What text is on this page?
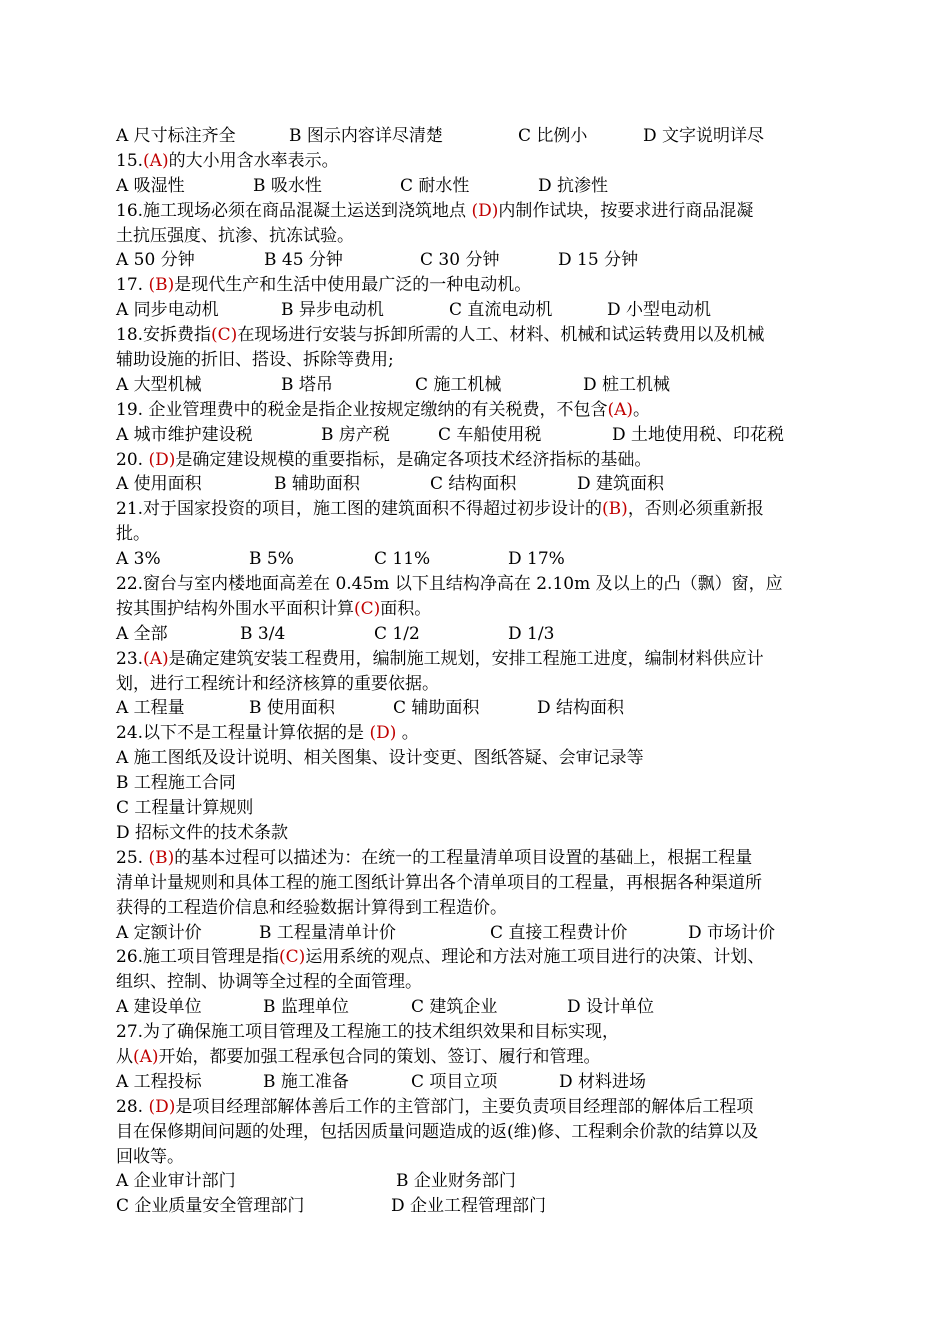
A 尺寸标注齐全	B 图示内容详尽清楚	C 比例小	D 文字说明详尽
15.(A)的大小用含水率表示。
A 吸湿性	B 吸水性	C 耐水性	D 抗渗性
16.施工现场必须在商品混凝土运送到浇筑地点 (D)内制作试块，按要求进行商品混凝
土抗压强度、抗渗、抗冻试验。
A 50 分钟	B 45 分钟	C 30 分钟	D 15 分钟
17. (B)是现代生产和生活中使用最广泛的一种电动机。
A 同步电动机	B 异步电动机	C 直流电动机	D 小型电动机
18.安拆费指(C)在现场进行安装与拆卸所需的人工、材料、机械和试运转费用以及机械
辅助设施的折旧、搭设、拆除等费用;
A 大型机械	B 塔吊	C 施工机械	D 桩工机械
19. 企业管理费中的税金是指企业按规定缴纳的有关税费，不包含(A)。
A 城市维护建设税	B 房产税	C 车船使用税	D 土地使用税、印花税
20. (D)是确定建设规模的重要指标，是确定各项技术经济指标的基础。
A 使用面积	B 辅助面积	C 结构面积	D 建筑面积
21.对于国家投资的项目，施工图的建筑面积不得超过初步设计的(B)，否则必须重新报
批。
A 3%	B 5%	C 11%	D 17%
22.窗台与室内楼地面高差在 0.45m 以下且结构净高在 2.10m 及以上的凸（飘）窗，应
按其围护结构外围水平面积计算(C)面积。
A 全部	B 3/4	C 1/2	D 1/3
23.(A)是确定建筑安装工程费用，编制施工规划，安排工程施工进度，编制材料供应计
划，进行工程统计和经济核算的重要依据。
A 工程量	B 使用面积	C 辅助面积	D 结构面积
24.以下不是工程量计算依据的是 (D) 。
A 施工图纸及设计说明、相关图集、设计变更、图纸答疑、会审记录等
B 工程施工合同
C 工程量计算规则
D 招标文件的技术条款
25. (B)的基本过程可以描述为：在统一的工程量清单项目设置的基础上，根据工程量
清单计量规则和具体工程的施工图纸计算出各个清单项目的工程量，再根据各种渠道所
获得的工程造价信息和经验数据计算得到工程造价。
A 定额计价	B 工程量清单计价	C 直接工程费计价	D 市场计价
26.施工项目管理是指(C)运用系统的观点、理论和方法对施工项目进行的决策、计划、
组织、控制、协调等全过程的全面管理。
A 建设单位	B 监理单位	C 建筑企业	D 设计单位
27.为了确保施工项目管理及工程施工的技术组织效果和目标实现，
从(A)开始，都要加强工程承包合同的策划、签订、履行和管理。
A 工程投标	B 施工准备	C 项目立项	D 材料进场
28. (D)是项目经理部解体善后工作的主管部门，主要负责项目经理部的解体后工程项
目在保修期间问题的处理，包括因质量问题造成的返(维)修、工程剩余价款的结算以及
回收等。
A 企业审计部门	B 企业财务部门
C 企业质量安全管理部门	D 企业工程管理部门
